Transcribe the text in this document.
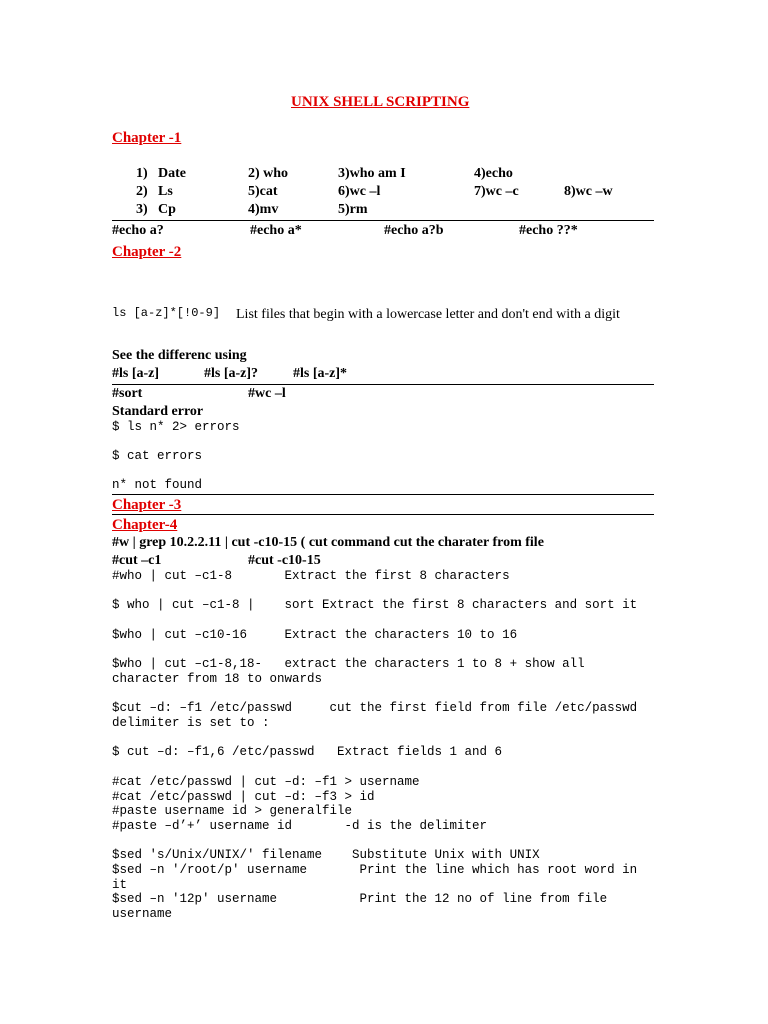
UNIX SHELL SCRIPTING
Chapter -1
1) Date	2) who	3)who am I	4)echo
2) Ls	5)cat	6)wc –l	7)wc –c	8)wc –w
3) Cp	4)mv	5)rm
#echo a?	#echo a*	#echo a?b	#echo ??*
Chapter -2
ls [a-z]*[!0-9] List files that begin with a lowercase letter and don't end with a digit
See the differenc using
#ls [a-z]	#ls [a-z]? #ls [a-z]*
#sort	#wc –l
Standard error
$ ls n* 2> errors
$ cat errors
n* not found
Chapter -3
Chapter-4
#w | grep 10.2.2.11 | cut -c10-15 ( cut command cut the charater from file
#cut –c1	#cut -c10-15
#who | cut –c1-8       Extract the first 8 characters
$ who | cut –c1-8 |    sort Extract the first 8 characters and sort it
$who | cut –c10-16     Extract the characters 10 to 16
$who | cut –c1-8,18-   extract the characters 1 to 8 + show all
character from 18 to onwards
$cut –d: –f1 /etc/passwd     cut the first field from file /etc/passwd
delimiter is set to :
$ cut –d: –f1,6 /etc/passwd   Extract fields 1 and 6
#cat /etc/passwd | cut –d: –f1 > username
#cat /etc/passwd | cut –d: –f3 > id
#paste username id > generalfile
#paste –d’+’ username id       -d is the delimiter
$sed 's/Unix/UNIX/' filename    Substitute Unix with UNIX
$sed –n '/root/p' username       Print the line which has root word in
it
$sed –n '12p' username           Print the 12 no of line from file
username
